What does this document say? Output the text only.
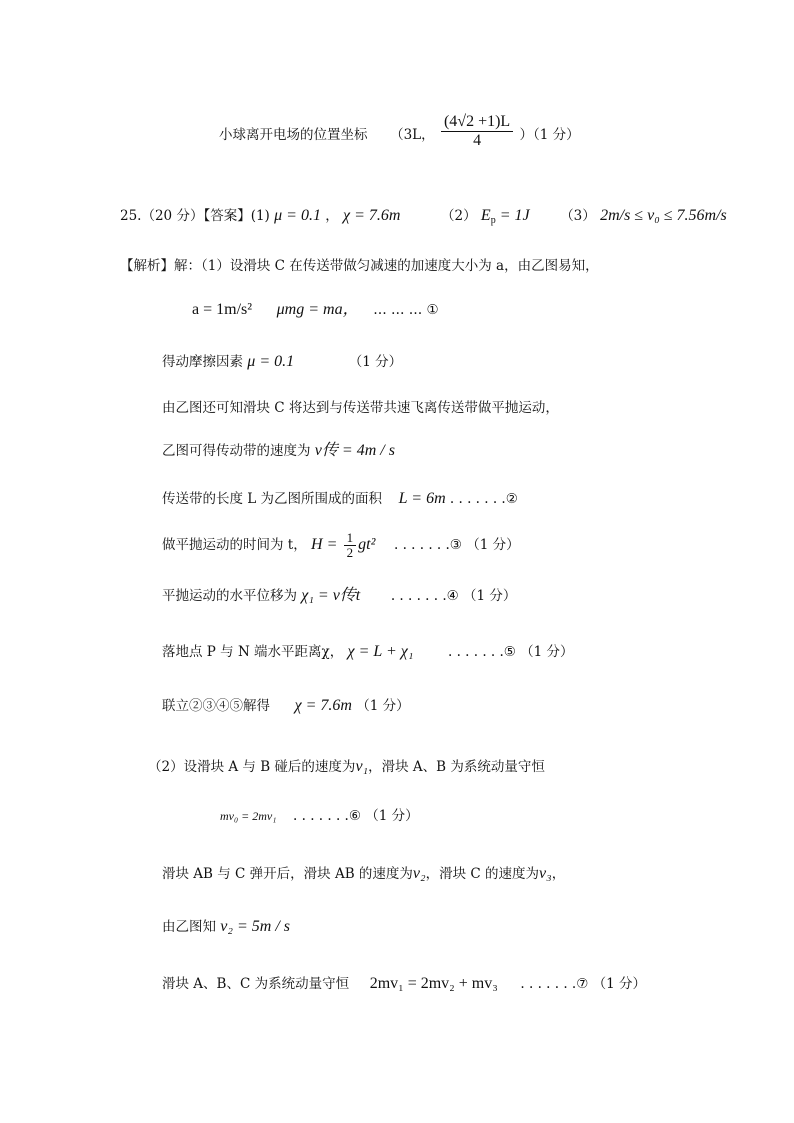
小球离开电场的位置坐标 （3L， $\frac{(4√2 +1)L}{4} )(1$ 分）
25.（20 分）【答案】(1) μ = 0.1 ， χ = 7.6m	（2） $E_p = 1J$ （3） 2m/s ≤ v₀ ≤ 7.56m/s
【解析】解：（1）设滑块 C 在传送带做匀减速的加速度大小为 a，由乙图易知，
a = 1m/s² μmg = ma， … … … ①
得动摩擦因素 μ = 0.1	（1 分）
由乙图还可知滑块 C 将达到与传送带共速飞离传送带做平抛运动，
乙图可得传动带的速度为 v传 = 4m / s
传送带的长度 L 为乙图所围成的面积 L = 6m . . . . . . .②
做平抛运动的时间为 t， $H = \frac{1}{2} gt^2$ . . . . . . .③ （1 分）
平抛运动的水平位移为 χ₁ = v传t . . . . . . .④ （1 分）
落地点 P 与 N 端水平距离χ， χ = L + χ₁	. . . . . . .⑤ （1 分）
联立②③④⑤解得 χ = 7.6m （1 分）
（2）设滑块 A 与 B 碰后的速度为v₁，滑块 A、B 为系统动量守恒
mv₀ = 2mv₁ . . . . . . .⑥ （1 分）
滑块 AB 与 C 弹开后，滑块 AB 的速度为v₂，滑块 C 的速度为v₃，
由乙图知 v₂ = 5m / s
滑块 A、B、C 为系统动量守恒 2mv₁ = 2mv₂ + mv₃ . . . . . . .⑦ （1 分）
